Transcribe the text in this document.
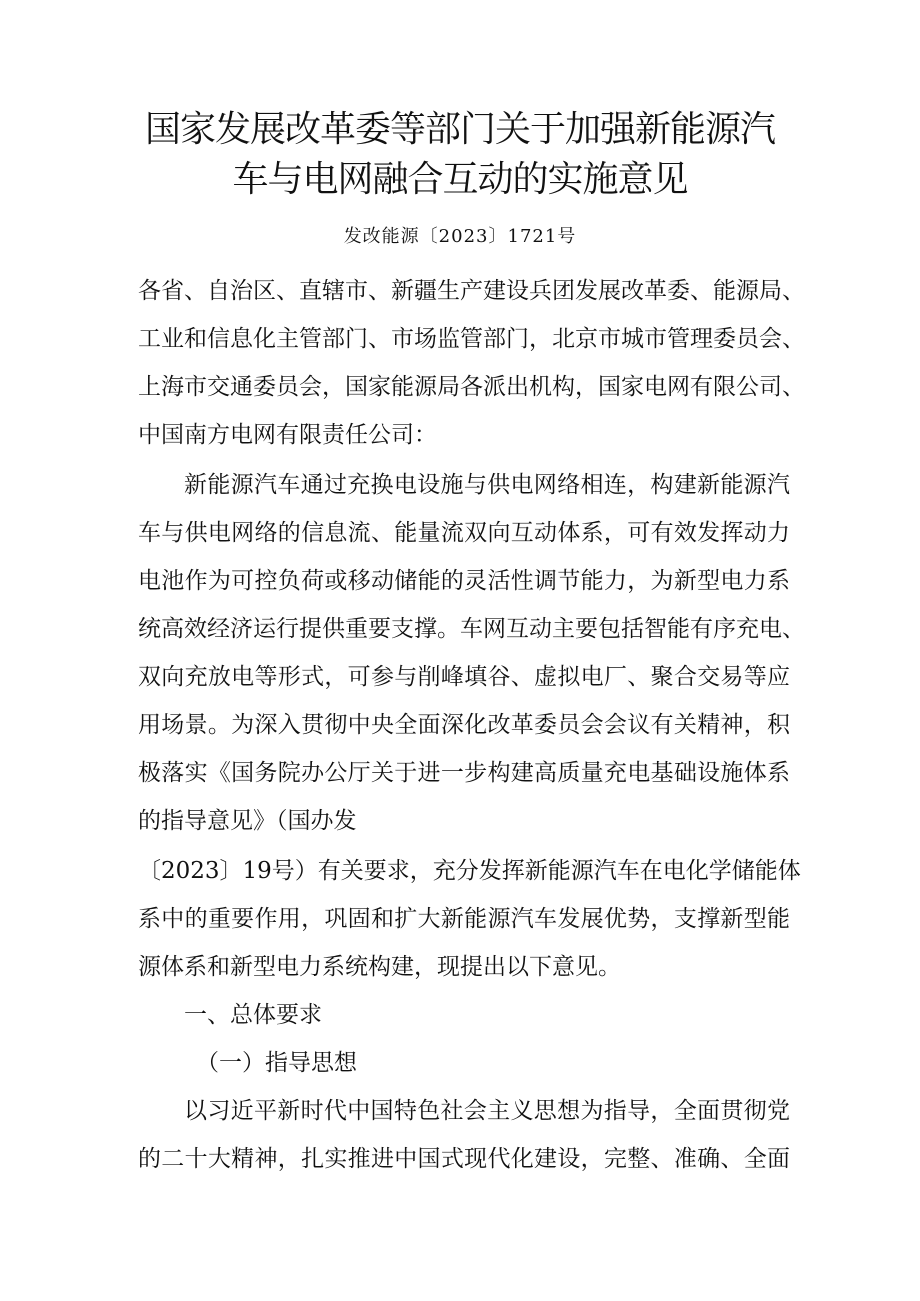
国家发展改革委等部门关于加强新能源汽
车与电网融合互动的实施意见
发改能源〔2023〕1721号

各省、自治区、直辖市、新疆生产建设兵团发展改革委、能源局、

工业和信息化主管部门、市场监管部门，北京市城市管理委员会、

上海市交通委员会，国家能源局各派出机构，国家电网有限公司、

中国南方电网有限责任公司：

新能源汽车通过充换电设施与供电网络相连，构建新能源汽

车与供电网络的信息流、能量流双向互动体系，可有效发挥动力

电池作为可控负荷或移动储能的灵活性调节能力，为新型电力系

统高效经济运行提供重要支撑。车网互动主要包括智能有序充电、

双向充放电等形式，可参与削峰填谷、虚拟电厂、聚合交易等应

用场景。为深入贯彻中央全面深化改革委员会会议有关精神，积

极落实《国务院办公厅关于进一步构建高质量充电基础设施体系

的指导意见》（国办发

〔2023〕19号）有关要求，充分发挥新能源汽车在电化学储能体

系中的重要作用，巩固和扩大新能源汽车发展优势，支撑新型能

源体系和新型电力系统构建，现提出以下意见。

一、总体要求

（一）指导思想

以习近平新时代中国特色社会主义思想为指导，全面贯彻党

的二十大精神，扎实推进中国式现代化建设，完整、准确、全面
